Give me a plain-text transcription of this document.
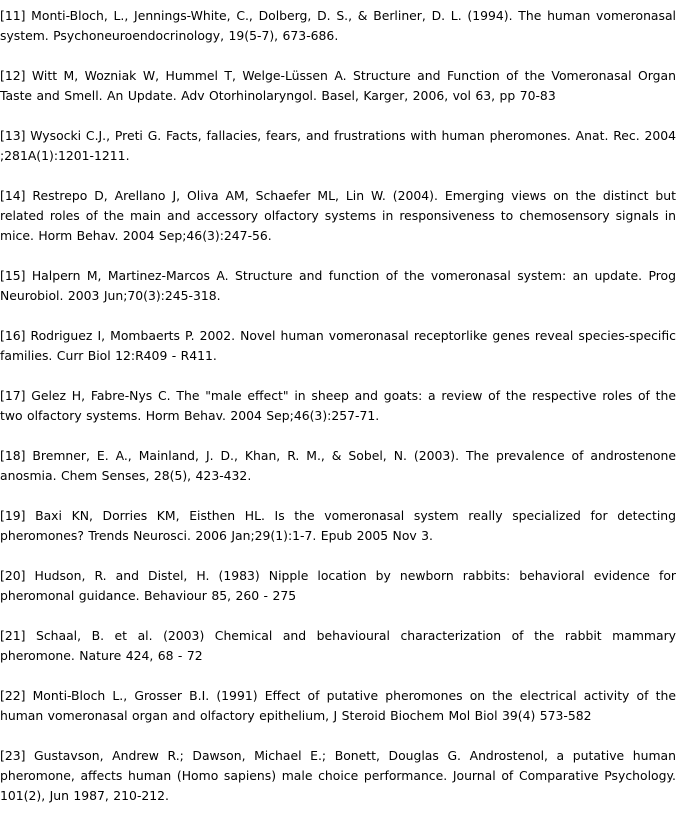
[11] Monti-Bloch, L., Jennings-White, C., Dolberg, D. S., & Berliner, D. L. (1994). The human vomeronasal system. Psychoneuroendocrinology, 19(5-7), 673-686.

[12] Witt M, Wozniak W, Hummel T, Welge-Lüssen A. Structure and Function of the Vomeronasal Organ Taste and Smell. An Update. Adv Otorhinolaryngol. Basel, Karger, 2006, vol 63, pp 70-83

[13] Wysocki C.J., Preti G. Facts, fallacies, fears, and frustrations with human pheromones. Anat. Rec. 2004 ;281A(1):1201-1211.

[14] Restrepo D, Arellano J, Oliva AM, Schaefer ML, Lin W. (2004). Emerging views on the distinct but related roles of the main and accessory olfactory systems in responsiveness to chemosensory signals in mice. Horm Behav. 2004 Sep;46(3):247-56.

[15] Halpern M, Martinez-Marcos A. Structure and function of the vomeronasal system: an update. Prog Neurobiol. 2003 Jun;70(3):245-318.

[16] Rodriguez I, Mombaerts P. 2002. Novel human vomeronasal receptorlike genes reveal species-specific families. Curr Biol 12:R409 - R411.

[17] Gelez H, Fabre-Nys C. The "male effect" in sheep and goats: a review of the respective roles of the two olfactory systems. Horm Behav. 2004 Sep;46(3):257-71.

[18] Bremner, E. A., Mainland, J. D., Khan, R. M., & Sobel, N. (2003). The prevalence of androstenone anosmia. Chem Senses, 28(5), 423-432.

[19] Baxi KN, Dorries KM, Eisthen HL. Is the vomeronasal system really specialized for detecting pheromones? Trends Neurosci. 2006 Jan;29(1):1-7. Epub 2005 Nov 3.

[20] Hudson, R. and Distel, H. (1983) Nipple location by newborn rabbits: behavioral evidence for pheromonal guidance. Behaviour 85, 260 - 275

[21] Schaal, B. et al. (2003) Chemical and behavioural characterization of the rabbit mammary pheromone. Nature 424, 68 - 72

[22] Monti-Bloch L., Grosser B.I. (1991) Effect of putative pheromones on the electrical activity of the human vomeronasal organ and olfactory epithelium, J Steroid Biochem Mol Biol 39(4) 573-582

[23] Gustavson, Andrew R.; Dawson, Michael E.; Bonett, Douglas G. Androstenol, a putative human pheromone, affects human (Homo sapiens) male choice performance. Journal of Comparative Psychology. 101(2), Jun 1987, 210-212.
